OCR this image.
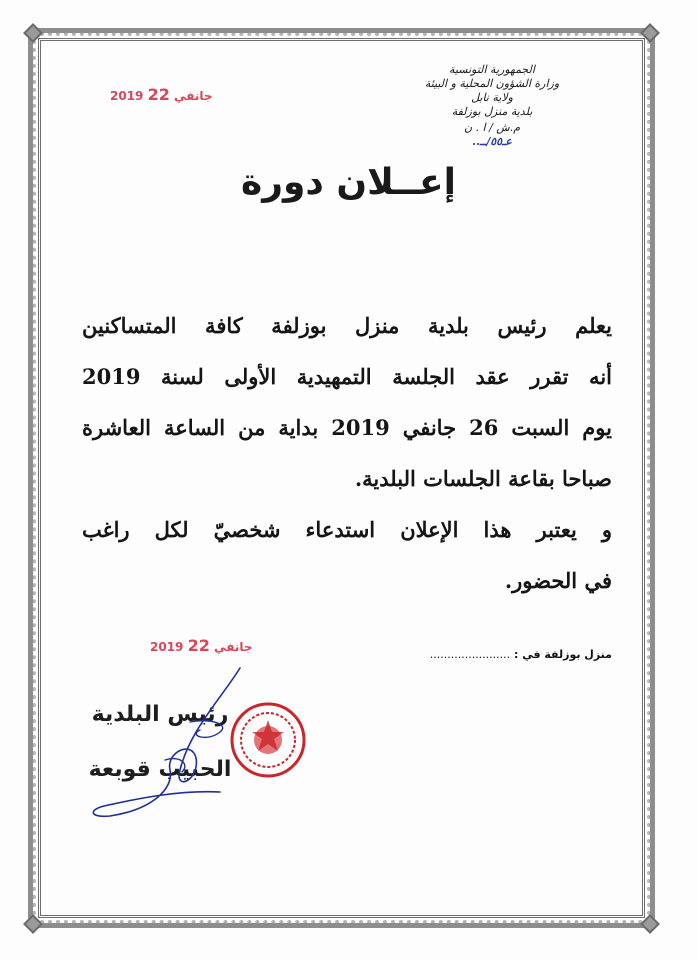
الجمهورية التونسية
وزارة الشؤون المحلية و البيئة
ولاية نابل
بلدية منزل بوزلفة
م.ش / ا . ن
عـ٥٥/ــ..
2019	جانفي 22
إعــلان دورة
يعلم رئيس بلدية منزل بوزلفة كافة المتساكنين
أنه تقرر عقد الجلسة التمهيدية الأولى لسنة 2019
يوم السبت 26 جانفي 2019 بداية من الساعة العاشرة
صباحا بقاعة الجلسات البلدية.
و يعتبر هذا الإعلان استدعاء شخصيّ لكل راغب
في الحضور.
2019	جانفي 22	منزل بوزلفة في : .......................
رئيس البلدية
الحبيب قوبعة
